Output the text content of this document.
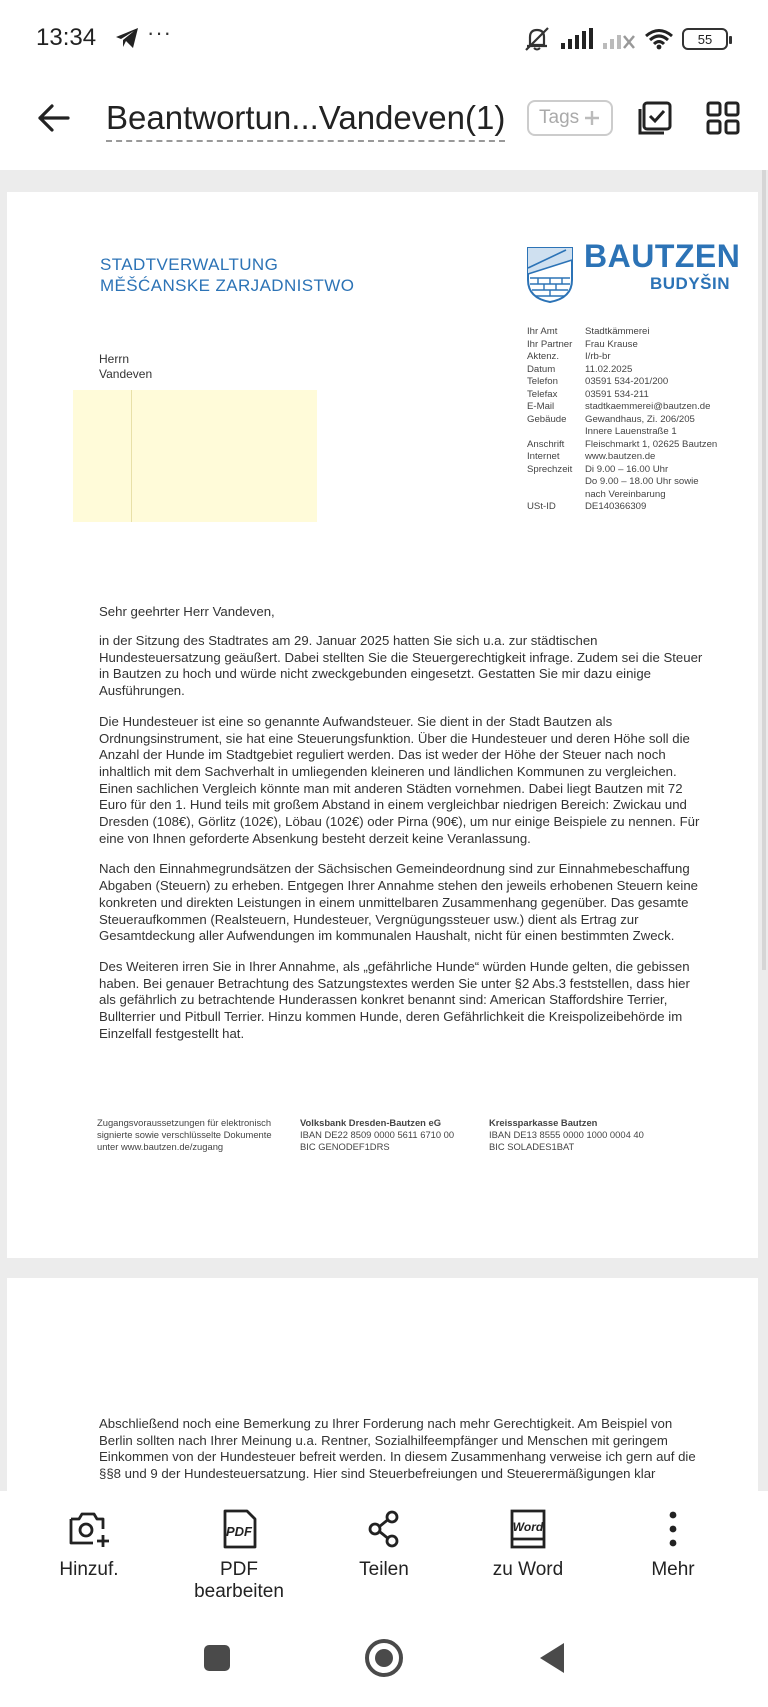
13:34 ···	55
Beantwortun...Vandeven(1) Tags
STADTVERWALTUNG
MĚŠĆANSKE ZARJADNISTWO
BAUTZEN
BUDYŠIN
Herrn
Vandeven
Ihr Amt	Stadtkämmerei
Ihr Partner	Frau Krause
Aktenz.	I/rb-br
Datum	11.02.2025
Telefon	03591 534-201/200
Telefax	03591 534-211
E-Mail	stadtkaemmerei@bautzen.de
Gebäude	Gewandhaus, Zi. 206/205
Innere Lauenstraße 1
Anschrift	Fleischmarkt 1, 02625 Bautzen
Internet	www.bautzen.de
Sprechzeit	Di 9.00 – 16.00 Uhr
Do 9.00 – 18.00 Uhr sowie
nach Vereinbarung
USt-ID	DE140366309
Sehr geehrter Herr Vandeven,

in der Sitzung des Stadtrates am 29. Januar 2025 hatten Sie sich u.a. zur städtischen Hundesteuersatzung geäußert. Dabei stellten Sie die Steuergerechtigkeit infrage. Zudem sei die Steuer in Bautzen zu hoch und würde nicht zweckgebunden eingesetzt. Gestatten Sie mir dazu einige Ausführungen.

Die Hundesteuer ist eine so genannte Aufwandsteuer. Sie dient in der Stadt Bautzen als Ordnungsinstrument, sie hat eine Steuerungsfunktion. Über die Hundesteuer und deren Höhe soll die Anzahl der Hunde im Stadtgebiet reguliert werden. Das ist weder der Höhe der Steuer nach noch inhaltlich mit dem Sachverhalt in umliegenden kleineren und ländlichen Kommunen zu vergleichen. Einen sachlichen Vergleich könnte man mit anderen Städten vornehmen. Dabei liegt Bautzen mit 72 Euro für den 1. Hund teils mit großem Abstand in einem vergleichbar niedrigen Bereich: Zwickau und Dresden (108€), Görlitz (102€), Löbau (102€) oder Pirna (90€), um nur einige Beispiele zu nennen. Für eine von Ihnen geforderte Absenkung besteht derzeit keine Veranlassung.

Nach den Einnahmegrundsätzen der Sächsischen Gemeindeordnung sind zur Einnahmebeschaffung Abgaben (Steuern) zu erheben. Entgegen Ihrer Annahme stehen den jeweils erhobenen Steuern keine konkreten und direkten Leistungen in einem unmittelbaren Zusammenhang gegenüber. Das gesamte Steueraufkommen (Realsteuern, Hundesteuer, Vergnügungssteuer usw.) dient als Ertrag zur Gesamtdeckung aller Aufwendungen im kommunalen Haushalt, nicht für einen bestimmten Zweck.

Des Weiteren irren Sie in Ihrer Annahme, als „gefährliche Hunde“ würden Hunde gelten, die gebissen haben. Bei genauer Betrachtung des Satzungstextes werden Sie unter §2 Abs.3 feststellen, dass hier als gefährlich zu betrachtende Hunderassen konkret benannt sind: American Staffordshire Terrier, Bullterrier und Pitbull Terrier. Hinzu kommen Hunde, deren Gefährlichkeit die Kreispolizeibehörde im Einzelfall festgestellt hat.

Zugangsvoraussetzungen für elektronisch
signierte sowie verschlüsselte Dokumente
unter www.bautzen.de/zugang
Volksbank Dresden-Bautzen eG
IBAN DE22 8509 0000 5611 6710 00
BIC GENODEF1DRS
Kreissparkasse Bautzen
IBAN DE13 8555 0000 1000 0004 40
BIC SOLADES1BAT

Abschließend noch eine Bemerkung zu Ihrer Forderung nach mehr Gerechtigkeit. Am Beispiel von Berlin sollten nach Ihrer Meinung u.a. Rentner, Sozialhilfeempfänger und Menschen mit geringem Einkommen von der Hundesteuer befreit werden. In diesem Zusammenhang verweise ich gern auf die §§8 und 9 der Hundesteuersatzung. Hier sind Steuerbefreiungen und Steuerermäßigungen klar

Hinzuf.
PDF
PDF
bearbeiten
Teilen
Word
zu Word	Mehr
